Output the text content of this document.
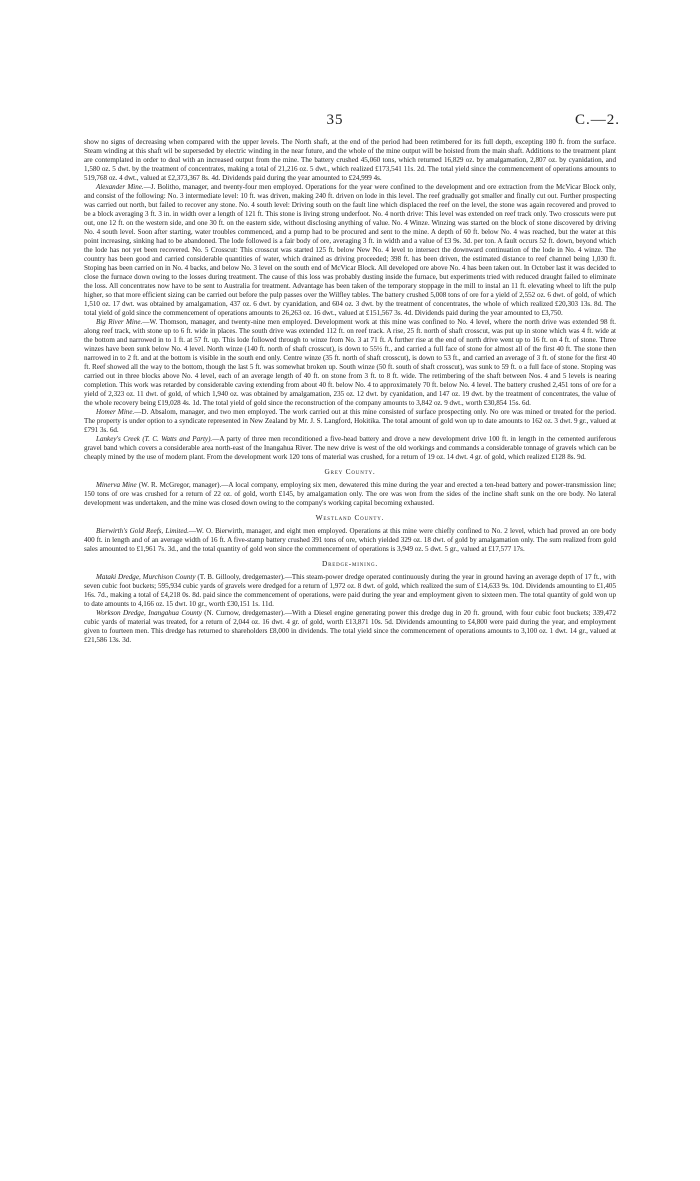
35	C.—2.

show no signs of decreasing when compared with the upper levels. The North shaft, at the end of the period had been retimbered for its full depth, excepting 180 ft. from the surface. Steam winding at this shaft wil be superseded by electric winding in the near future, and the whole of the mine output will be hoisted from the main shaft. Additions to the treatment plant are contemplated in order to deal with an increased output from the mine. The battery crushed 45,060 tons, which returned 16,829 oz. by amalgamation, 2,807 oz. by cyanidation, and 1,580 oz. 5 dwt. by the treatment of concentrates, making a total of 21,216 oz. 5 dwt., which realized £173,541 11s. 2d. The total yield since the commencement of operations amounts to 519,768 oz. 4 dwt., valued at £2,373,367 8s. 4d. Dividends paid during the year amounted to £24,999 4s.

Alexander Mine.—J. Bolitho, manager, and twenty-four men employed. Operations for the year were confined to the development and ore extraction from the McVicar Block only, and consist of the following: No. 3 intermediate level: 10 ft. was driven, making 240 ft. driven on lode in this level. The reef gradually got smaller and finally cut out. Further prospecting was carried out north, but failed to recover any stone. No. 4 south level: Driving south on the fault line which displaced the reef on the level, the stone was again recovered and proved to be a block averaging 3 ft. 3 in. in width over a length of 121 ft. This stone is living strong underfoot. No. 4 north drive: This level was extended on reef track only. Two crosscuts were put out, one 12 ft. on the western side, and one 30 ft. on the eastern side, without disclosing anything of value. No. 4 Winze. Winzing was started on the block of stone discovered by driving No. 4 south level. Soon after starting, water troubles commenced, and a pump had to be procured and sent to the mine. A depth of 60 ft. below No. 4 was reached, but the water at this point increasing, sinking had to be abandoned. The lode followed is a fair body of ore, averaging 3 ft. in width and a value of £3 9s. 3d. per ton. A fault occurs 52 ft. down, beyond which the lode has not yet been recovered. No. 5 Crosscut: This crosscut was started 125 ft. below New No. 4 level to intersect the downward continuation of the lode in No. 4 winze. The country has been good and carried considerable quantities of water, which drained as driving proceeded; 398 ft. has been driven, the estimated distance to reef channel being 1,030 ft. Stoping has been carried on in No. 4 backs, and below No. 3 level on the south end of McVicar Block. All developed ore above No. 4 has been taken out. In October last it was decided to close the furnace down owing to the losses during treatment. The cause of this loss was probably dusting inside the furnace, but experiments tried with reduced draught failed to eliminate the loss. All concentrates now have to be sent to Australia for treatment. Advantage has been taken of the temporary stoppage in the mill to instal an 11 ft. elevating wheel to lift the pulp higher, so that more efficient sizing can be carried out before the pulp passes over the Wilfley tables. The battery crushed 5,008 tons of ore for a yield of 2,552 oz. 6 dwt. of gold, of which 1,510 oz. 17 dwt. was obtained by amalgamation, 437 oz. 6 dwt. by cyanidation, and 604 oz. 3 dwt. by the treatment of concentrates, the whole of which realized £20,303 13s. 8d. The total yield of gold since the commencement of operations amounts to 26,263 oz. 16 dwt., valued at £151,567 3s. 4d. Dividends paid during the year amounted to £3,750.

Big River Mine.—W. Thomson, manager, and twenty-nine men employed. Development work at this mine was confined to No. 4 level, where the north drive was extended 98 ft. along reef track, with stone up to 6 ft. wide in places. The south drive was extended 112 ft. on reef track. A rise, 25 ft. north of shaft crosscut, was put up in stone which was 4 ft. wide at the bottom and narrowed in to 1 ft. at 57 ft. up. This lode followed through to winze from No. 3 at 71 ft. A further rise at the end of north drive went up to 16 ft. on 4 ft. of stone. Three winzes have been sunk below No. 4 level. North winze (140 ft. north of shaft crosscut), is down to 55½ ft., and carried a full face of stone for almost all of the first 40 ft. The stone then narrowed in to 2 ft. and at the bottom is visible in the south end only. Centre winze (35 ft. north of shaft crosscut), is down to 53 ft., and carried an average of 3 ft. of stone for the first 40 ft. Reef showed all the way to the bottom, though the last 5 ft. was somewhat broken up. South winze (50 ft. south of shaft crosscut), was sunk to 59 ft. o a full face of stone. Stoping was carried out in three blocks above No. 4 level, each of an average length of 40 ft. on stone from 3 ft. to 8 ft. wide. The retimbering of the shaft between Nos. 4 and 5 levels is nearing completion. This work was retarded by considerable caving extending from about 40 ft. below No. 4 to approximately 70 ft. below No. 4 level. The battery crushed 2,451 tons of ore for a yield of 2,323 oz. 11 dwt. of gold, of which 1,940 oz. was obtained by amalgamation, 235 oz. 12 dwt. by cyanidation, and 147 oz. 19 dwt. by the treatment of concentrates, the value of the whole recovery being £19,028 4s. 1d. The total yield of gold since the reconstruction of the company amounts to 3,842 oz. 9 dwt., worth £30,854 15s. 6d.

Homer Mine.—D. Absalom, manager, and two men employed. The work carried out at this mine consisted of surface prospecting only. No ore was mined or treated for the period. The property is under option to a syndicate represented in New Zealand by Mr. J. S. Langford, Hokitika. The total amount of gold won up to date amounts to 162 oz. 3 dwt. 9 gr., valued at £791 3s. 6d.

Lankey's Creek (T. C. Watts and Party).—A party of three men reconditioned a five-head battery and drove a new development drive 100 ft. in length in the cemented auriferous gravel band which covers a considerable area north-east of the Inangahua River. The new drive is west of the old workings and commands a considerable tonnage of gravels which can be cheaply mined by the use of modern plant. From the development work 120 tons of material was crushed, for a return of 19 oz. 14 dwt. 4 gr. of gold, which realized £128 8s. 9d.

Grey County.

Minerva Mine (W. R. McGregor, manager).—A local company, employing six men, dewatered this mine during the year and erected a ten-head battery and power-transmission line; 150 tons of ore was crushed for a return of 22 oz. of gold, worth £145, by amalgamation only. The ore was won from the sides of the incline shaft sunk on the ore body. No lateral development was undertaken, and the mine was closed down owing to the company's working capital becoming exhausted.

Westland County.

Bierwirth's Gold Reefs, Limited.—W. O. Bierwirth, manager, and eight men employed. Operations at this mine were chiefly confined to No. 2 level, which had proved an ore body 400 ft. in length and of an average width of 16 ft. A five-stamp battery crushed 391 tons of ore, which yielded 329 oz. 18 dwt. of gold by amalgamation only. The sum realized from gold sales amounted to £1,961 7s. 3d., and the total quantity of gold won since the commencement of operations is 3,949 oz. 5 dwt. 5 gr., valued at £17,577 17s.

Dredge-mining.

Mataki Dredge, Murchison County (T. B. Gillooly, dredgemaster).—This steam-power dredge operated continuously during the year in ground having an average depth of 17 ft., with seven cubic foot buckets; 595,934 cubic yards of gravels were dredged for a return of 1,972 oz. 8 dwt. of gold, which realized the sum of £14,633 9s. 10d. Dividends amounting to £1,405 16s. 7d., making a total of £4,218 0s. 8d. paid since the commencement of operations, were paid during the year and employment given to sixteen men. The total quantity of gold won up to date amounts to 4,166 oz. 15 dwt. 10 gr., worth £30,151 1s. 11d.

Workson Dredge, Inangahua County (N. Curnow, dredgemaster).—With a Diesel engine generating power this dredge dug in 20 ft. ground, with four cubic foot buckets; 339,472 cubic yards of material was treated, for a return of 2,044 oz. 16 dwt. 4 gr. of gold, worth £13,871 10s. 5d. Dividends amounting to £4,800 were paid during the year, and employment given to fourteen men. This dredge has returned to shareholders £8,000 in dividends. The total yield since the commencement of operations amounts to 3,100 oz. 1 dwt. 14 gr., valued at £21,586 13s. 3d.
